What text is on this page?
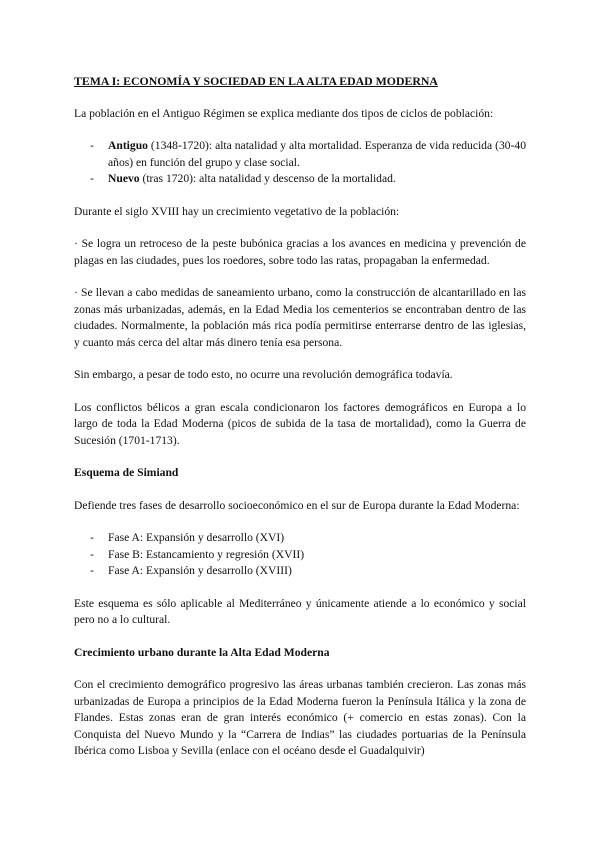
TEMA I: ECONOMÍA Y SOCIEDAD EN LA ALTA EDAD MODERNA

La población en el Antiguo Régimen se explica mediante dos tipos de ciclos de población:

- Antiguo (1348-1720): alta natalidad y alta mortalidad. Esperanza de vida reducida (30-40 años) en función del grupo y clase social.
- Nuevo (tras 1720): alta natalidad y descenso de la mortalidad.

Durante el siglo XVIII hay un crecimiento vegetativo de la población:

· Se logra un retroceso de la peste bubónica gracias a los avances en medicina y prevención de plagas en las ciudades, pues los roedores, sobre todo las ratas, propagaban la enfermedad.

· Se llevan a cabo medidas de saneamiento urbano, como la construcción de alcantarillado en las zonas más urbanizadas, además, en la Edad Media los cementerios se encontraban dentro de las ciudades. Normalmente, la población más rica podía permitirse enterrarse dentro de las iglesias, y cuanto más cerca del altar más dinero tenía esa persona.

Sin embargo, a pesar de todo esto, no ocurre una revolución demográfica todavía.

Los conflictos bélicos a gran escala condicionaron los factores demográficos en Europa a lo largo de toda la Edad Moderna (picos de subida de la tasa de mortalidad), como la Guerra de Sucesión (1701-1713).

Esquema de Simiand

Defiende tres fases de desarrollo socioeconómico en el sur de Europa durante la Edad Moderna:

- Fase A: Expansión y desarrollo (XVI)
- Fase B: Estancamiento y regresión (XVII)
- Fase A: Expansión y desarrollo (XVIII)

Este esquema es sólo aplicable al Mediterráneo y únicamente atiende a lo económico y social pero no a lo cultural.

Crecimiento urbano durante la Alta Edad Moderna

Con el crecimiento demográfico progresivo las áreas urbanas también crecieron. Las zonas más urbanizadas de Europa a principios de la Edad Moderna fueron la Península Itálica y la zona de Flandes. Estas zonas eran de gran interés económico (+ comercio en estas zonas). Con la Conquista del Nuevo Mundo y la “Carrera de Indias” las ciudades portuarias de la Península Ibérica como Lisboa y Sevilla (enlace con el océano desde el Guadalquivir)
